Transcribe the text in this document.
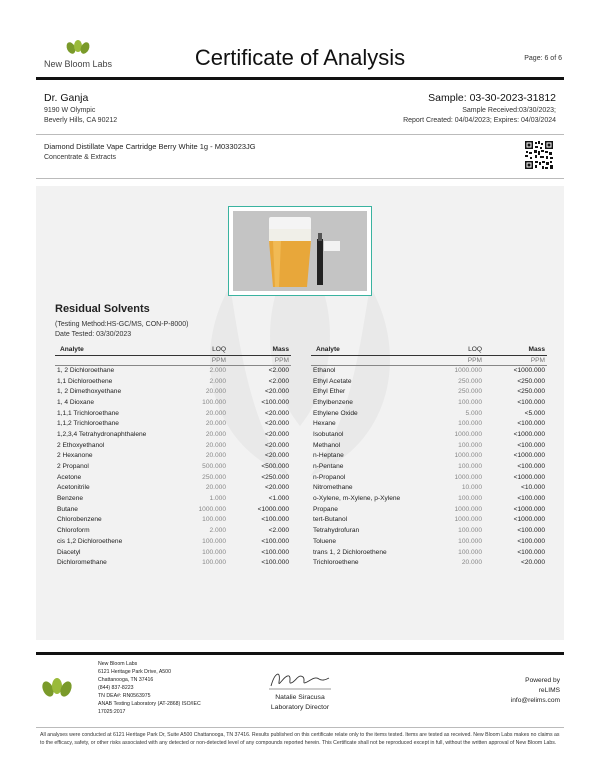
New Bloom Labs	Certificate of Analysis	Page: 6 of 6
Dr. Ganja
9190 W Olympic
Beverly Hills, CA 90212
Sample: 03-30-2023-31812
Sample Received:03/30/2023;
Report Created: 04/04/2023; Expires: 04/03/2024
Diamond Distillate Vape Cartridge Berry White 1g - M033023JG
Concentrate & Extracts
Residual Solvents
(Testing Method:HS-GC/MS, CON-P-8000)
Date Tested: 03/30/2023
Analyte	LOQ	Mass
	PPM	PPM
1, 2 Dichloroethane	2.000	<2.000
1,1 Dichloroethene	2.000	<2.000
1, 2 Dimethoxyethane	20.000	<20.000
1, 4 Dioxane	100.000	<100.000
1,1,1 Trichloroethane	20.000	<20.000
1,1,2 Trichloroethane	20.000	<20.000
1,2,3,4 Tetrahydronaphthalene	20.000	<20.000
2 Ethoxyethanol	20.000	<20.000
2 Hexanone	20.000	<20.000
2 Propanol	500.000	<500.000
Acetone	250.000	<250.000
Acetonitrile	20.000	<20.000
Benzene	1.000	<1.000
Butane	1000.000	<1000.000
Chlorobenzene	100.000	<100.000
Chloroform	2.000	<2.000
cis 1,2 Dichloroethene	100.000	<100.000
Diacetyl	100.000	<100.000
Dichloromethane	100.000	<100.000
Analyte	LOQ	Mass
	PPM	PPM
Ethanol	1000.000	<1000.000
Ethyl Acetate	250.000	<250.000
Ethyl Ether	250.000	<250.000
Ethylbenzene	100.000	<100.000
Ethylene Oxide	5.000	<5.000
Hexane	100.000	<100.000
Isobutanol	1000.000	<1000.000
Methanol	100.000	<100.000
n-Heptane	1000.000	<1000.000
n-Pentane	100.000	<100.000
n-Propanol	1000.000	<1000.000
Nitromethane	10.000	<10.000
o-Xylene, m-Xylene, p-Xylene	100.000	<100.000
Propane	1000.000	<1000.000
tert-Butanol	1000.000	<1000.000
Tetrahydrofuran	100.000	<100.000
Toluene	100.000	<100.000
trans 1, 2 Dichloroethene	100.000	<100.000
Trichloroethene	20.000	<20.000
New Bloom Labs
6121 Heritage Park Drive, A500
Chattanooga, TN 37416
(844) 837-8223
TN DEA#: RN0563975
ANAB Testing Laboratory (AT-2868) ISO/IEC
17025:2017
Natalie Siracusa
Laboratory Director
Powered by
reLIMS
info@relims.com
All analyses were conducted at 6121 Heritage Park Dr, Suite A500 Chattanooga, TN 37416. Results published on this certificate relate only to the items tested. Items are tested as received. New Bloom Labs makes no claims as to the efficacy, safety, or other risks associated with any detected or non-detected level of any compounds reported herein. This Certificate shall not be reproduced except in full, without the written approval of New Bloom Labs.
